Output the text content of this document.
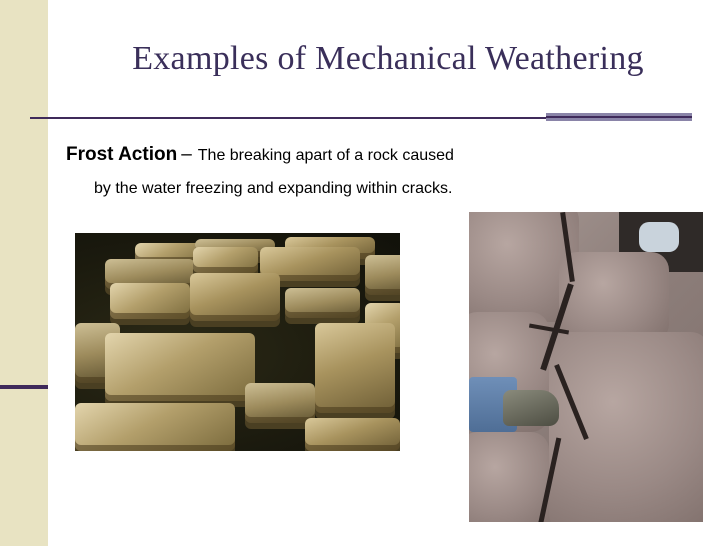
Examples of Mechanical Weathering
Frost Action – The breaking apart of a rock caused
by the water freezing and expanding within cracks.
